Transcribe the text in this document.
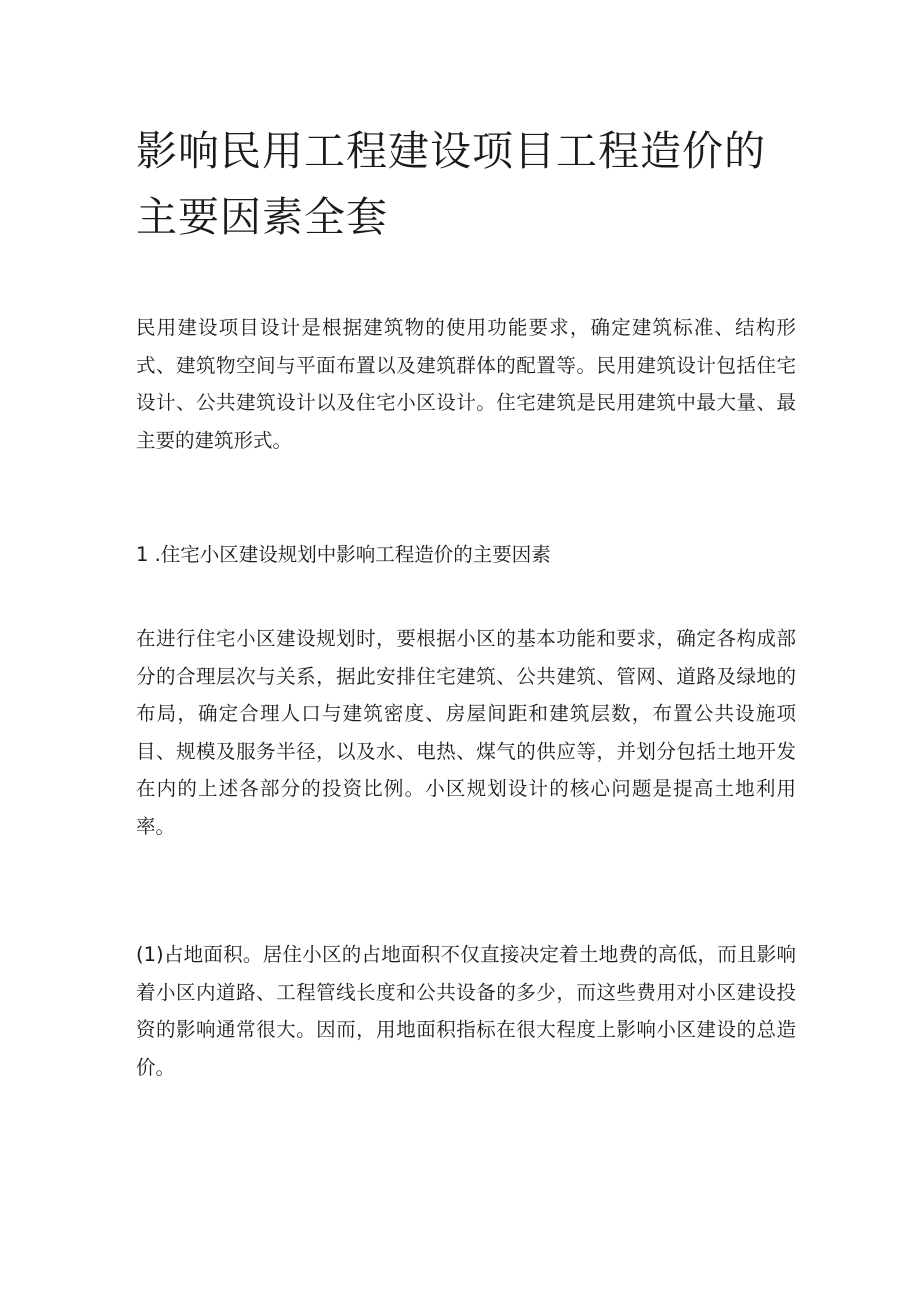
影响民用工程建设项目工程造价的主要因素全套

民用建设项目设计是根据建筑物的使用功能要求，确定建筑标准、结构形式、建筑物空间与平面布置以及建筑群体的配置等。民用建筑设计包括住宅设计、公共建筑设计以及住宅小区设计。住宅建筑是民用建筑中最大量、最主要的建筑形式。

1 .住宅小区建设规划中影响工程造价的主要因素

在进行住宅小区建设规划时，要根据小区的基本功能和要求，确定各构成部分的合理层次与关系，据此安排住宅建筑、公共建筑、管网、道路及绿地的布局，确定合理人口与建筑密度、房屋间距和建筑层数，布置公共设施项目、规模及服务半径，以及水、电热、煤气的供应等，并划分包括土地开发在内的上述各部分的投资比例。小区规划设计的核心问题是提高土地利用率。

(1)占地面积。居住小区的占地面积不仅直接决定着土地费的高低，而且影响着小区内道路、工程管线长度和公共设备的多少，而这些费用对小区建设投资的影响通常很大。因而，用地面积指标在很大程度上影响小区建设的总造价。
